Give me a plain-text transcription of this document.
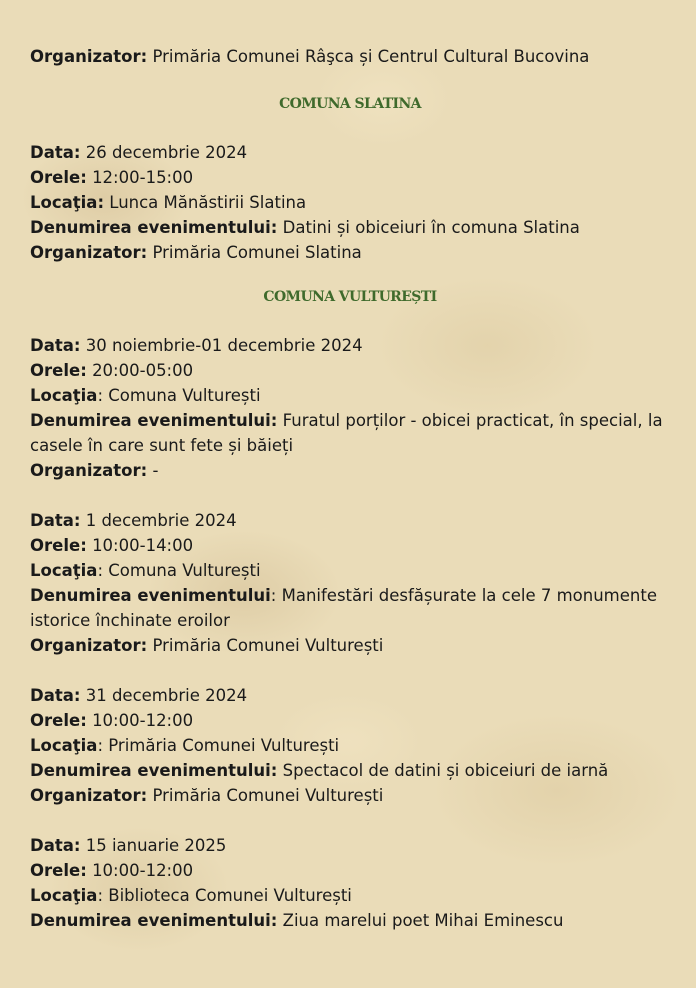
Organizator: Primăria Comunei Râşca și Centrul Cultural Bucovina
COMUNA SLATINA
Data: 26 decembrie 2024
Orele: 12:00-15:00
Locaţia: Lunca Mănăstirii Slatina
Denumirea evenimentului: Datini și obiceiuri în comuna Slatina
Organizator: Primăria Comunei Slatina
COMUNA VULTUREȘTI
Data: 30 noiembrie-01 decembrie 2024
Orele: 20:00-05:00
Locaţia: Comuna Vulturești
Denumirea evenimentului: Furatul porților - obicei practicat, în special, la casele în care sunt fete și băieți
Organizator: -
Data: 1 decembrie 2024
Orele: 10:00-14:00
Locaţia: Comuna Vulturești
Denumirea evenimentului: Manifestări desfășurate la cele 7 monumente istorice închinate eroilor
Organizator: Primăria Comunei Vulturești
Data: 31 decembrie 2024
Orele: 10:00-12:00
Locaţia: Primăria Comunei Vulturești
Denumirea evenimentului: Spectacol de datini și obiceiuri de iarnă
Organizator: Primăria Comunei Vulturești
Data: 15 ianuarie 2025
Orele: 10:00-12:00
Locaţia: Biblioteca Comunei Vulturești
Denumirea evenimentului: Ziua marelui poet Mihai Eminescu
